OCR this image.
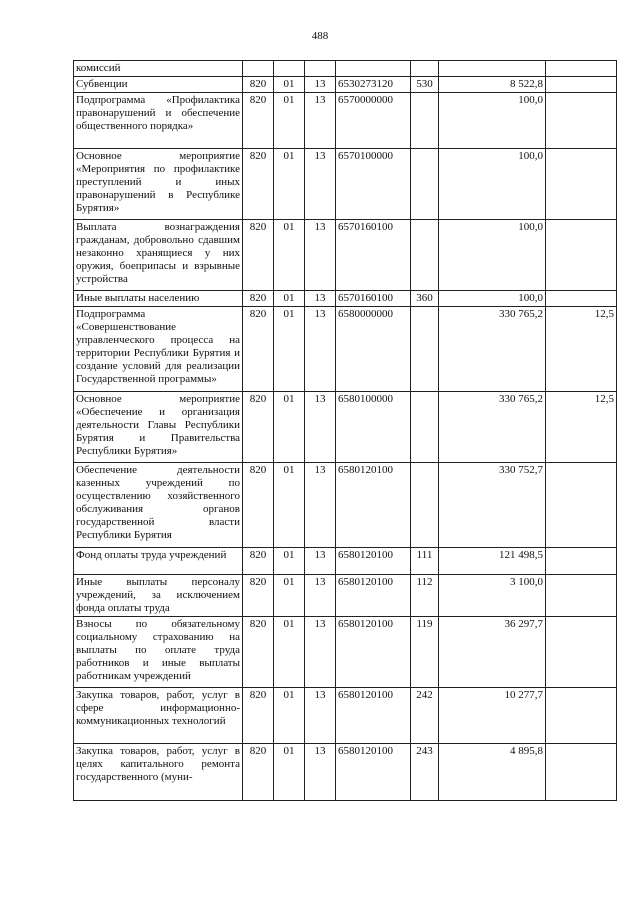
488
комиссий							
Субвенции	820	01	13	6530273120	530	8 522,8	
Подпрограмма «Профилактика правонарушений и обеспечение общественного порядка»	820	01	13	6570000000		100,0	
Основное мероприятие «Мероприятия по профилактике преступлений и иных правонарушений в Республике Бурятия»	820	01	13	6570100000		100,0	
Выплата вознаграждения гражданам, добровольно сдавшим незаконно хранящиеся у них оружия, боеприпасы и взрывные устройства	820	01	13	6570160100		100,0	
Иные выплаты населению	820	01	13	6570160100	360	100,0	
Подпрограмма «Совершенствование управленческого процесса на территории Республики Бурятия и создание условий для реализации Государственной программы»	820	01	13	6580000000		330 765,2	12,5
Основное мероприятие «Обеспечение и организация деятельности Главы Республики Бурятия и Правительства Республики Бурятия»	820	01	13	6580100000		330 765,2	12,5
Обеспечение деятельности казенных учреждений по осуществлению хозяйственного обслуживания органов государственной власти Республики Бурятия	820	01	13	6580120100		330 752,7	
Фонд оплаты труда учреждений	820	01	13	6580120100	111	121 498,5	
Иные выплаты персоналу учреждений, за исключением фонда оплаты труда	820	01	13	6580120100	112	3 100,0	
Взносы по обязательному социальному страхованию на выплаты по оплате труда работников и иные выплаты работникам учреждений	820	01	13	6580120100	119	36 297,7	
Закупка товаров, работ, услуг в сфере информационно-коммуникационных технологий	820	01	13	6580120100	242	10 277,7	
Закупка товаров, работ, услуг в целях капитального ремонта государственного (муни-	820	01	13	6580120100	243	4 895,8	
